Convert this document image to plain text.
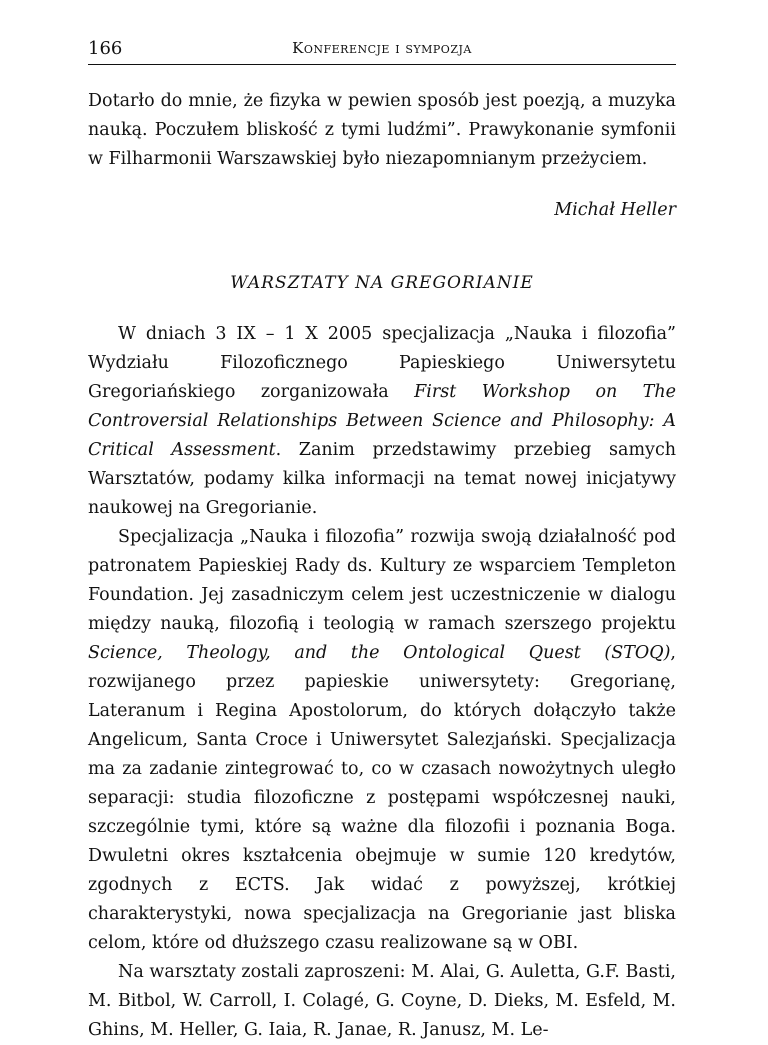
166	Konferencje i sympozja

Dotarło do mnie, że fizyka w pewien sposób jest poezją, a muzyka nauką. Poczułem bliskość z tymi ludźmi”. Prawykonanie symfonii w Filharmonii Warszawskiej było niezapomnianym przeżyciem.

Michał Heller
WARSZTATY NA GREGORIANIE

W dniach 3 IX – 1 X 2005 specjalizacja „Nauka i filozofia” Wydziału Filozoficznego Papieskiego Uniwersytetu Gregoriańskiego zorganizowała First Workshop on The Controversial Relationships Between Science and Philosophy: A Critical Assessment. Zanim przedstawimy przebieg samych Warsztatów, podamy kilka informacji na temat nowej inicjatywy naukowej na Gregorianie.

Specjalizacja „Nauka i filozofia” rozwija swoją działalność pod patronatem Papieskiej Rady ds. Kultury ze wsparciem Templeton Foundation. Jej zasadniczym celem jest uczestniczenie w dialogu między nauką, filozofią i teologią w ramach szerszego projektu Science, Theology, and the Ontological Quest (STOQ), rozwijanego przez papieskie uniwersytety: Gregorianę, Lateranum i Regina Apostolorum, do których dołączyło także Angelicum, Santa Croce i Uniwersytet Salezjański. Specjalizacja ma za zadanie zintegrować to, co w czasach nowożytnych uległo separacji: studia filozoficzne z postępami współczesnej nauki, szczególnie tymi, które są ważne dla filozofii i poznania Boga. Dwuletni okres kształcenia obejmuje w sumie 120 kredytów, zgodnych z ECTS. Jak widać z powyższej, krótkiej charakterystyki, nowa specjalizacja na Gregorianie jast bliska celom, które od dłuższego czasu realizowane są w OBI.

Na warsztaty zostali zaproszeni: M. Alai, G. Auletta, G.F. Basti, M. Bitbol, W. Carroll, I. Colagé, G. Coyne, D. Dieks, M. Esfeld, M. Ghins, M. Heller, G. Iaia, R. Janae, R. Janusz, M. Le-
